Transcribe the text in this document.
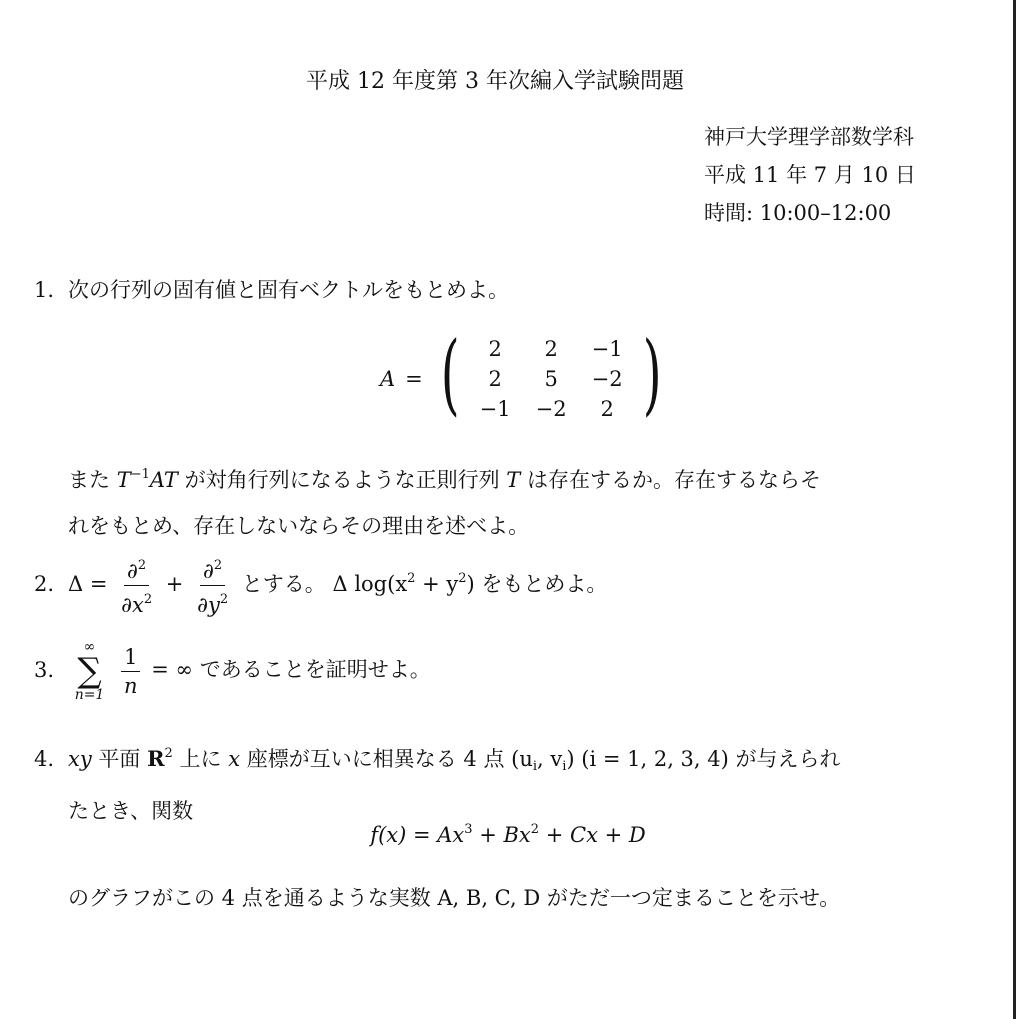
平成 12 年度第 3 年次編入学試験問題
神戸大学理学部数学科
平成 11 年 7 月 10 日
時間: 10:00–12:00
1. 次の行列の固有値と固有ベクトルをもとめよ。
A = ( 2	2	−1
2	5	−2
−1	−2	2 )
また $T^{-1}AT$ が対角行列になるような正則行列 T は存在するか。存在するならそ
れをもとめ、存在しないならその理由を述べよ。
2. $\Delta = \frac{\partial^2}{\partial x^2} + \frac{\partial^2}{\partial y^2}$ とする。 Δ $\log(x^2 + y^2)$ をもとめよ。
3.
∞
∑
n=1
$\frac{1}{n}$ = ∞ であることを証明せよ。
4. xy 平面 $R^2$ 上に x 座標が互いに相異なる 4 点 ($u_i$, $v_i$) (i = 1, 2, 3, 4) が与えられ
たとき、関数
$f(x) = Ax^3 + Bx^2 + Cx + D$
のグラフがこの 4 点を通るような実数 A, B, C, D がただ一つ定まることを示せ。
